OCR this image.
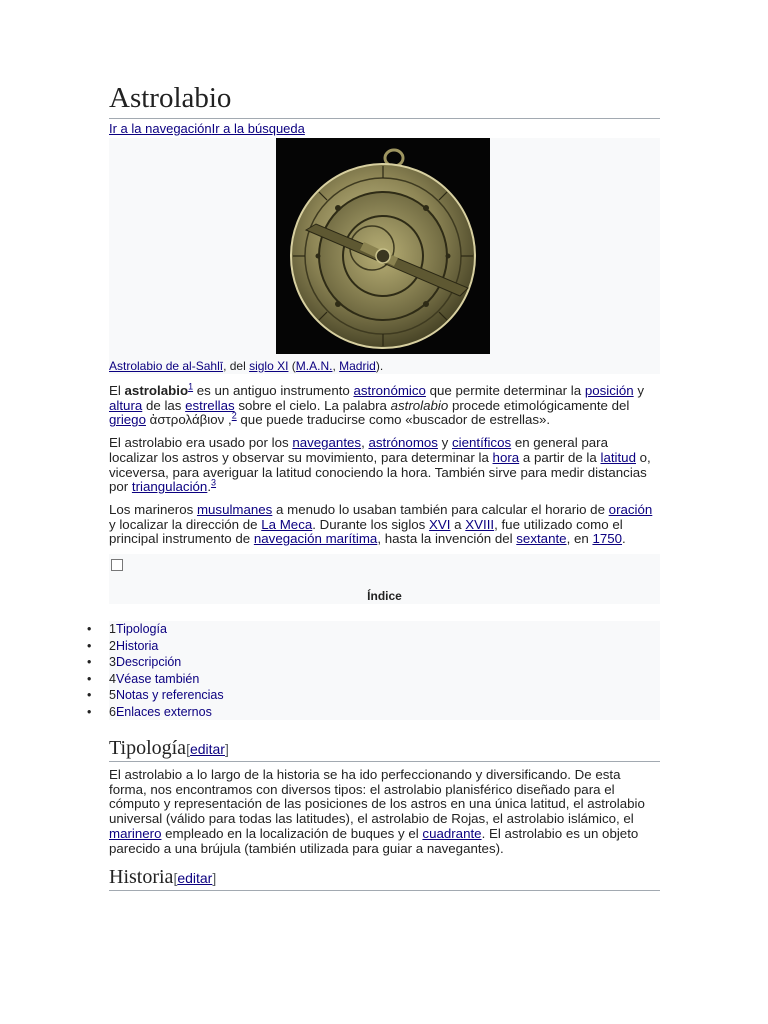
Astrolabio
Ir a la navegaciónIr a la búsqueda
Astrolabio de al-Sahlī, del siglo XI (M.A.N., Madrid).

El astrolabio$^1$ es un antiguo instrumento astronómico que permite determinar la posición y altura de las estrellas sobre el cielo. La palabra astrolabio procede etimológicamente del griego ἀστρολάβιον ,$^2$ que puede traducirse como «buscador de estrellas».

El astrolabio era usado por los navegantes, astrónomos y científicos en general para localizar los astros y observar su movimiento, para determinar la hora a partir de la latitud o, viceversa, para averiguar la latitud conociendo la hora. También sirve para medir distancias por triangulación.$^3$

Los marineros musulmanes a menudo lo usaban también para calcular el horario de oración y localizar la dirección de La Meca. Durante los siglos XVI a XVIII, fue utilizado como el principal instrumento de navegación marítima, hasta la invención del sextante, en 1750.

Índice
• 1Tipología
• 2Historia
• 3Descripción
• 4Véase también
• 5Notas y referencias
• 6Enlaces externos
Tipología[editar]

El astrolabio a lo largo de la historia se ha ido perfeccionando y diversificando. De esta forma, nos encontramos con diversos tipos: el astrolabio planisférico diseñado para el cómputo y representación de las posiciones de los astros en una única latitud, el astrolabio universal (válido para todas las latitudes), el astrolabio de Rojas, el astrolabio islámico, el marinero empleado en la localización de buques y el cuadrante. El astrolabio es un objeto parecido a una brújula (también utilizada para guiar a navegantes).

Historia[editar]
